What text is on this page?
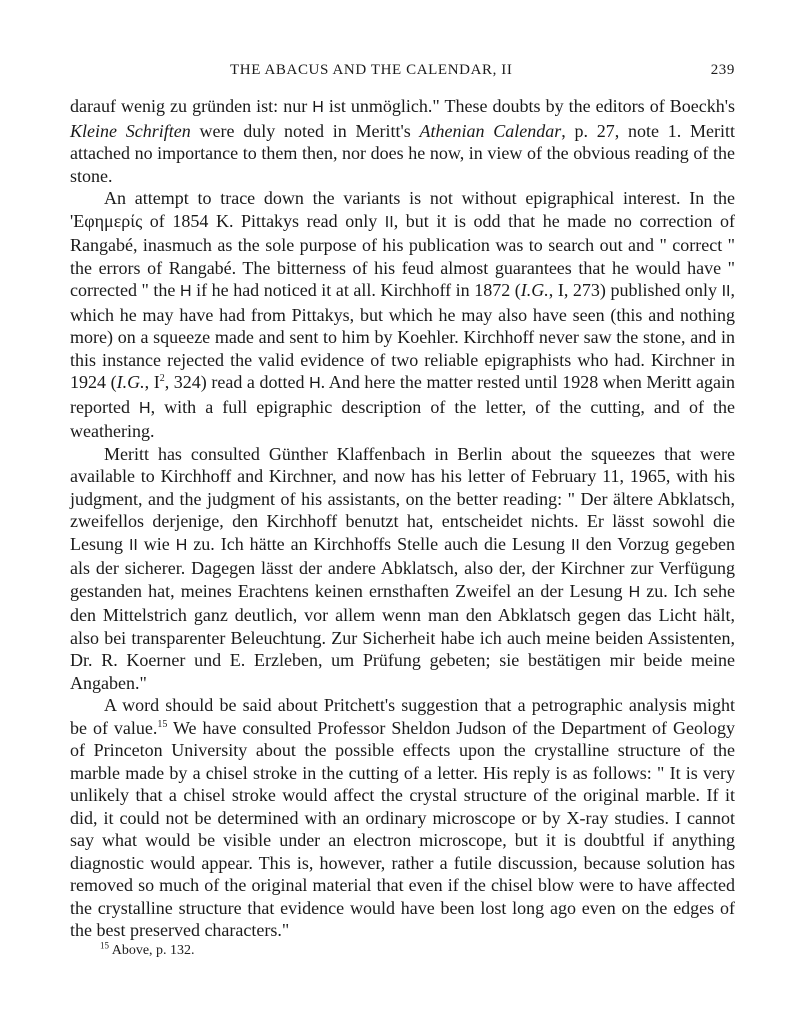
THE ABACUS AND THE CALENDAR, II	239

darauf wenig zu gründen ist: nur H ist unmöglich." These doubts by the editors of Boeckh's Kleine Schriften were duly noted in Meritt's Athenian Calendar, p. 27, note 1. Meritt attached no importance to them then, nor does he now, in view of the obvious reading of the stone.

An attempt to trace down the variants is not without epigraphical interest. In the 'Εφημερίς of 1854 K. Pittakys read only II, but it is odd that he made no correction of Rangabé, inasmuch as the sole purpose of his publication was to search out and " correct " the errors of Rangabé. The bitterness of his feud almost guarantees that he would have " corrected " the H if he had noticed it at all. Kirchhoff in 1872 (I.G., I, 273) published only II, which he may have had from Pittakys, but which he may also have seen (this and nothing more) on a squeeze made and sent to him by Koehler. Kirchhoff never saw the stone, and in this instance rejected the valid evidence of two reliable epigraphists who had. Kirchner in 1924 (I.G., $I^2$, 324) read a dotted H. And here the matter rested until 1928 when Meritt again reported H, with a full epigraphic description of the letter, of the cutting, and of the weathering.

Meritt has consulted Günther Klaffenbach in Berlin about the squeezes that were available to Kirchhoff and Kirchner, and now has his letter of February 11, 1965, with his judgment, and the judgment of his assistants, on the better reading: " Der ältere Abklatsch, zweifellos derjenige, den Kirchhoff benutzt hat, entscheidet nichts. Er lässt sowohl die Lesung II wie H zu. Ich hätte an Kirchhoffs Stelle auch die Lesung II den Vorzug gegeben als der sicherer. Dagegen lässt der andere Abklatsch, also der, der Kirchner zur Verfügung gestanden hat, meines Erachtens keinen ernsthaften Zweifel an der Lesung H zu. Ich sehe den Mittelstrich ganz deutlich, vor allem wenn man den Abklatsch gegen das Licht hält, also bei transparenter Beleuchtung. Zur Sicherheit habe ich auch meine beiden Assistenten, Dr. R. Koerner und E. Erzleben, um Prüfung gebeten; sie bestätigen mir beide meine Angaben."

A word should be said about Pritchett's suggestion that a petrographic analysis might be of value.$^{15}$ We have consulted Professor Sheldon Judson of the Department of Geology of Princeton University about the possible effects upon the crystalline structure of the marble made by a chisel stroke in the cutting of a letter. His reply is as follows: " It is very unlikely that a chisel stroke would affect the crystal structure of the original marble. If it did, it could not be determined with an ordinary microscope or by X-ray studies. I cannot say what would be visible under an electron microscope, but it is doubtful if anything diagnostic would appear. This is, however, rather a futile discussion, because solution has removed so much of the original material that even if the chisel blow were to have affected the crystalline structure that evidence would have been lost long ago even on the edges of the best preserved characters."

$^{15}$ Above, p. 132.
